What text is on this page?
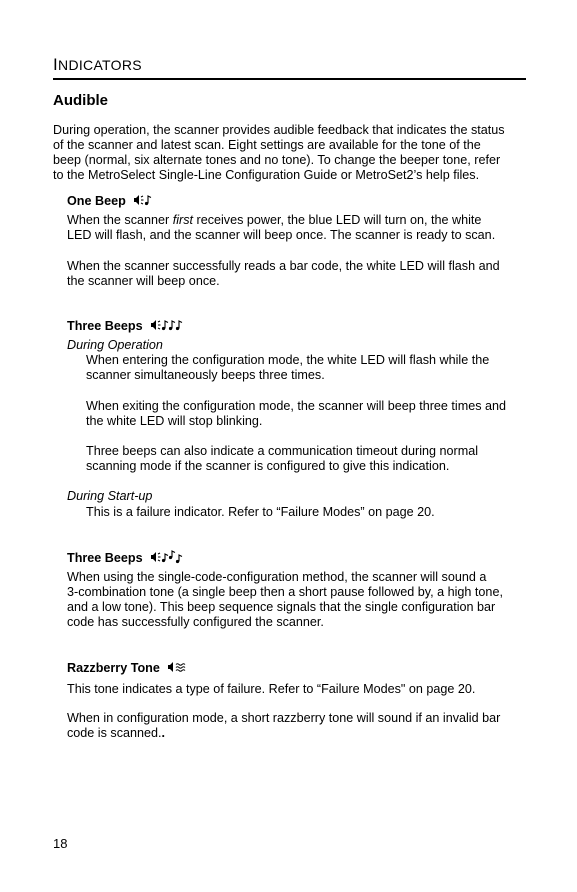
INDICATORS
Audible
During operation, the scanner provides audible feedback that indicates the status
of the scanner and latest scan. Eight settings are available for the tone of the
beep (normal, six alternate tones and no tone). To change the beeper tone, refer
to the MetroSelect Single-Line Configuration Guide or MetroSet2’s help files.
One Beep
When the scanner first receives power, the blue LED will turn on, the white
LED will flash, and the scanner will beep once. The scanner is ready to scan.
When the scanner successfully reads a bar code, the white LED will flash and
the scanner will beep once.
Three Beeps
During Operation
When entering the configuration mode, the white LED will flash while the
scanner simultaneously beeps three times.
When exiting the configuration mode, the scanner will beep three times and
the white LED will stop blinking.
Three beeps can also indicate a communication timeout during normal
scanning mode if the scanner is configured to give this indication.
During Start-up
This is a failure indicator. Refer to “Failure Modes” on page 20.
Three Beeps
When using the single-code-configuration method, the scanner will sound a
3-combination tone (a single beep then a short pause followed by, a high tone,
and a low tone). This beep sequence signals that the single configuration bar
code has successfully configured the scanner.
Razzberry Tone
This tone indicates a type of failure. Refer to “Failure Modes" on page 20.
When in configuration mode, a short razzberry tone will sound if an invalid bar
code is scanned..
18
